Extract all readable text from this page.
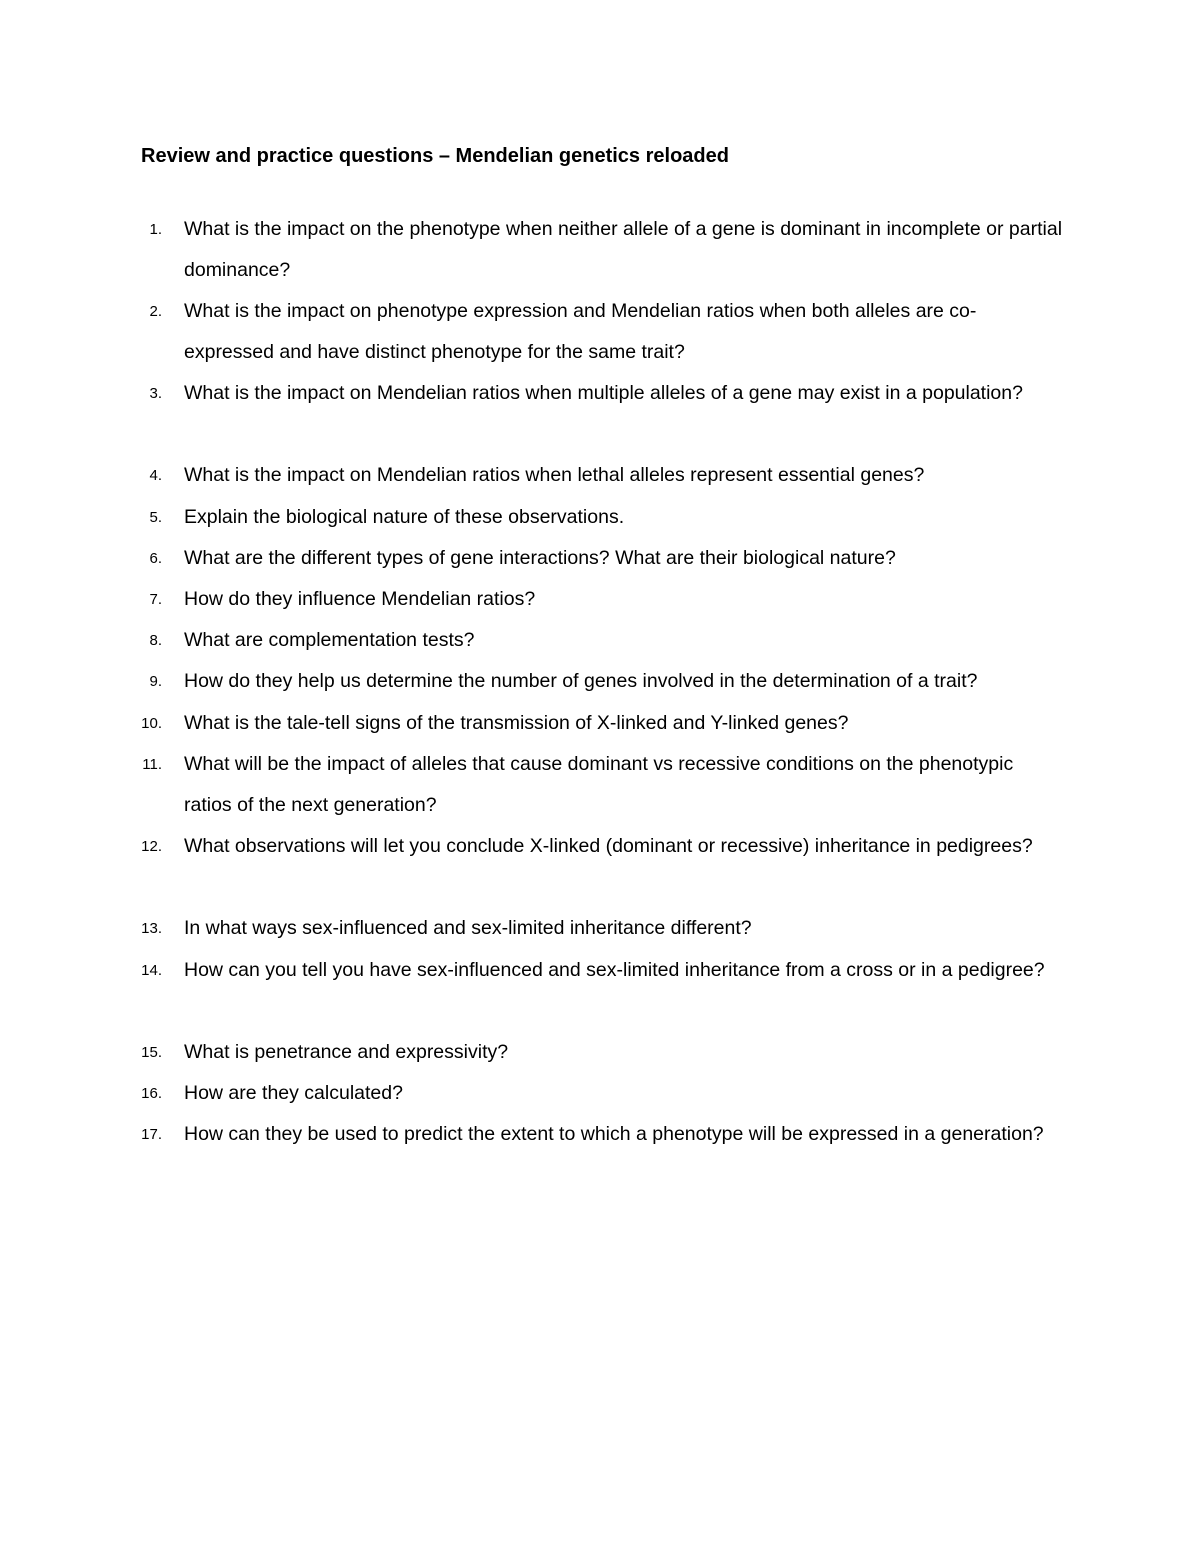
Review and practice questions – Mendelian genetics reloaded
1. What is the impact on the phenotype when neither allele of a gene is dominant in incomplete or partial dominance?
2. What is the impact on phenotype expression and Mendelian ratios when both alleles are co-expressed and have distinct phenotype for the same trait?
3. What is the impact on Mendelian ratios when multiple alleles of a gene may exist in a population?
4. What is the impact on Mendelian ratios when lethal alleles represent essential genes?
5. Explain the biological nature of these observations.
6. What are the different types of gene interactions? What are their biological nature?
7. How do they influence Mendelian ratios?
8. What are complementation tests?
9. How do they help us determine the number of genes involved in the determination of a trait?
10. What is the tale-tell signs of the transmission of X-linked and Y-linked genes?
11. What will be the impact of alleles that cause dominant vs recessive conditions on the phenotypic ratios of the next generation?
12. What observations will let you conclude X-linked (dominant or recessive) inheritance in pedigrees?
13. In what ways sex-influenced and sex-limited inheritance different?
14. How can you tell you have sex-influenced and sex-limited inheritance from a cross or in a pedigree?
15. What is penetrance and expressivity?
16. How are they calculated?
17. How can they be used to predict the extent to which a phenotype will be expressed in a generation?
